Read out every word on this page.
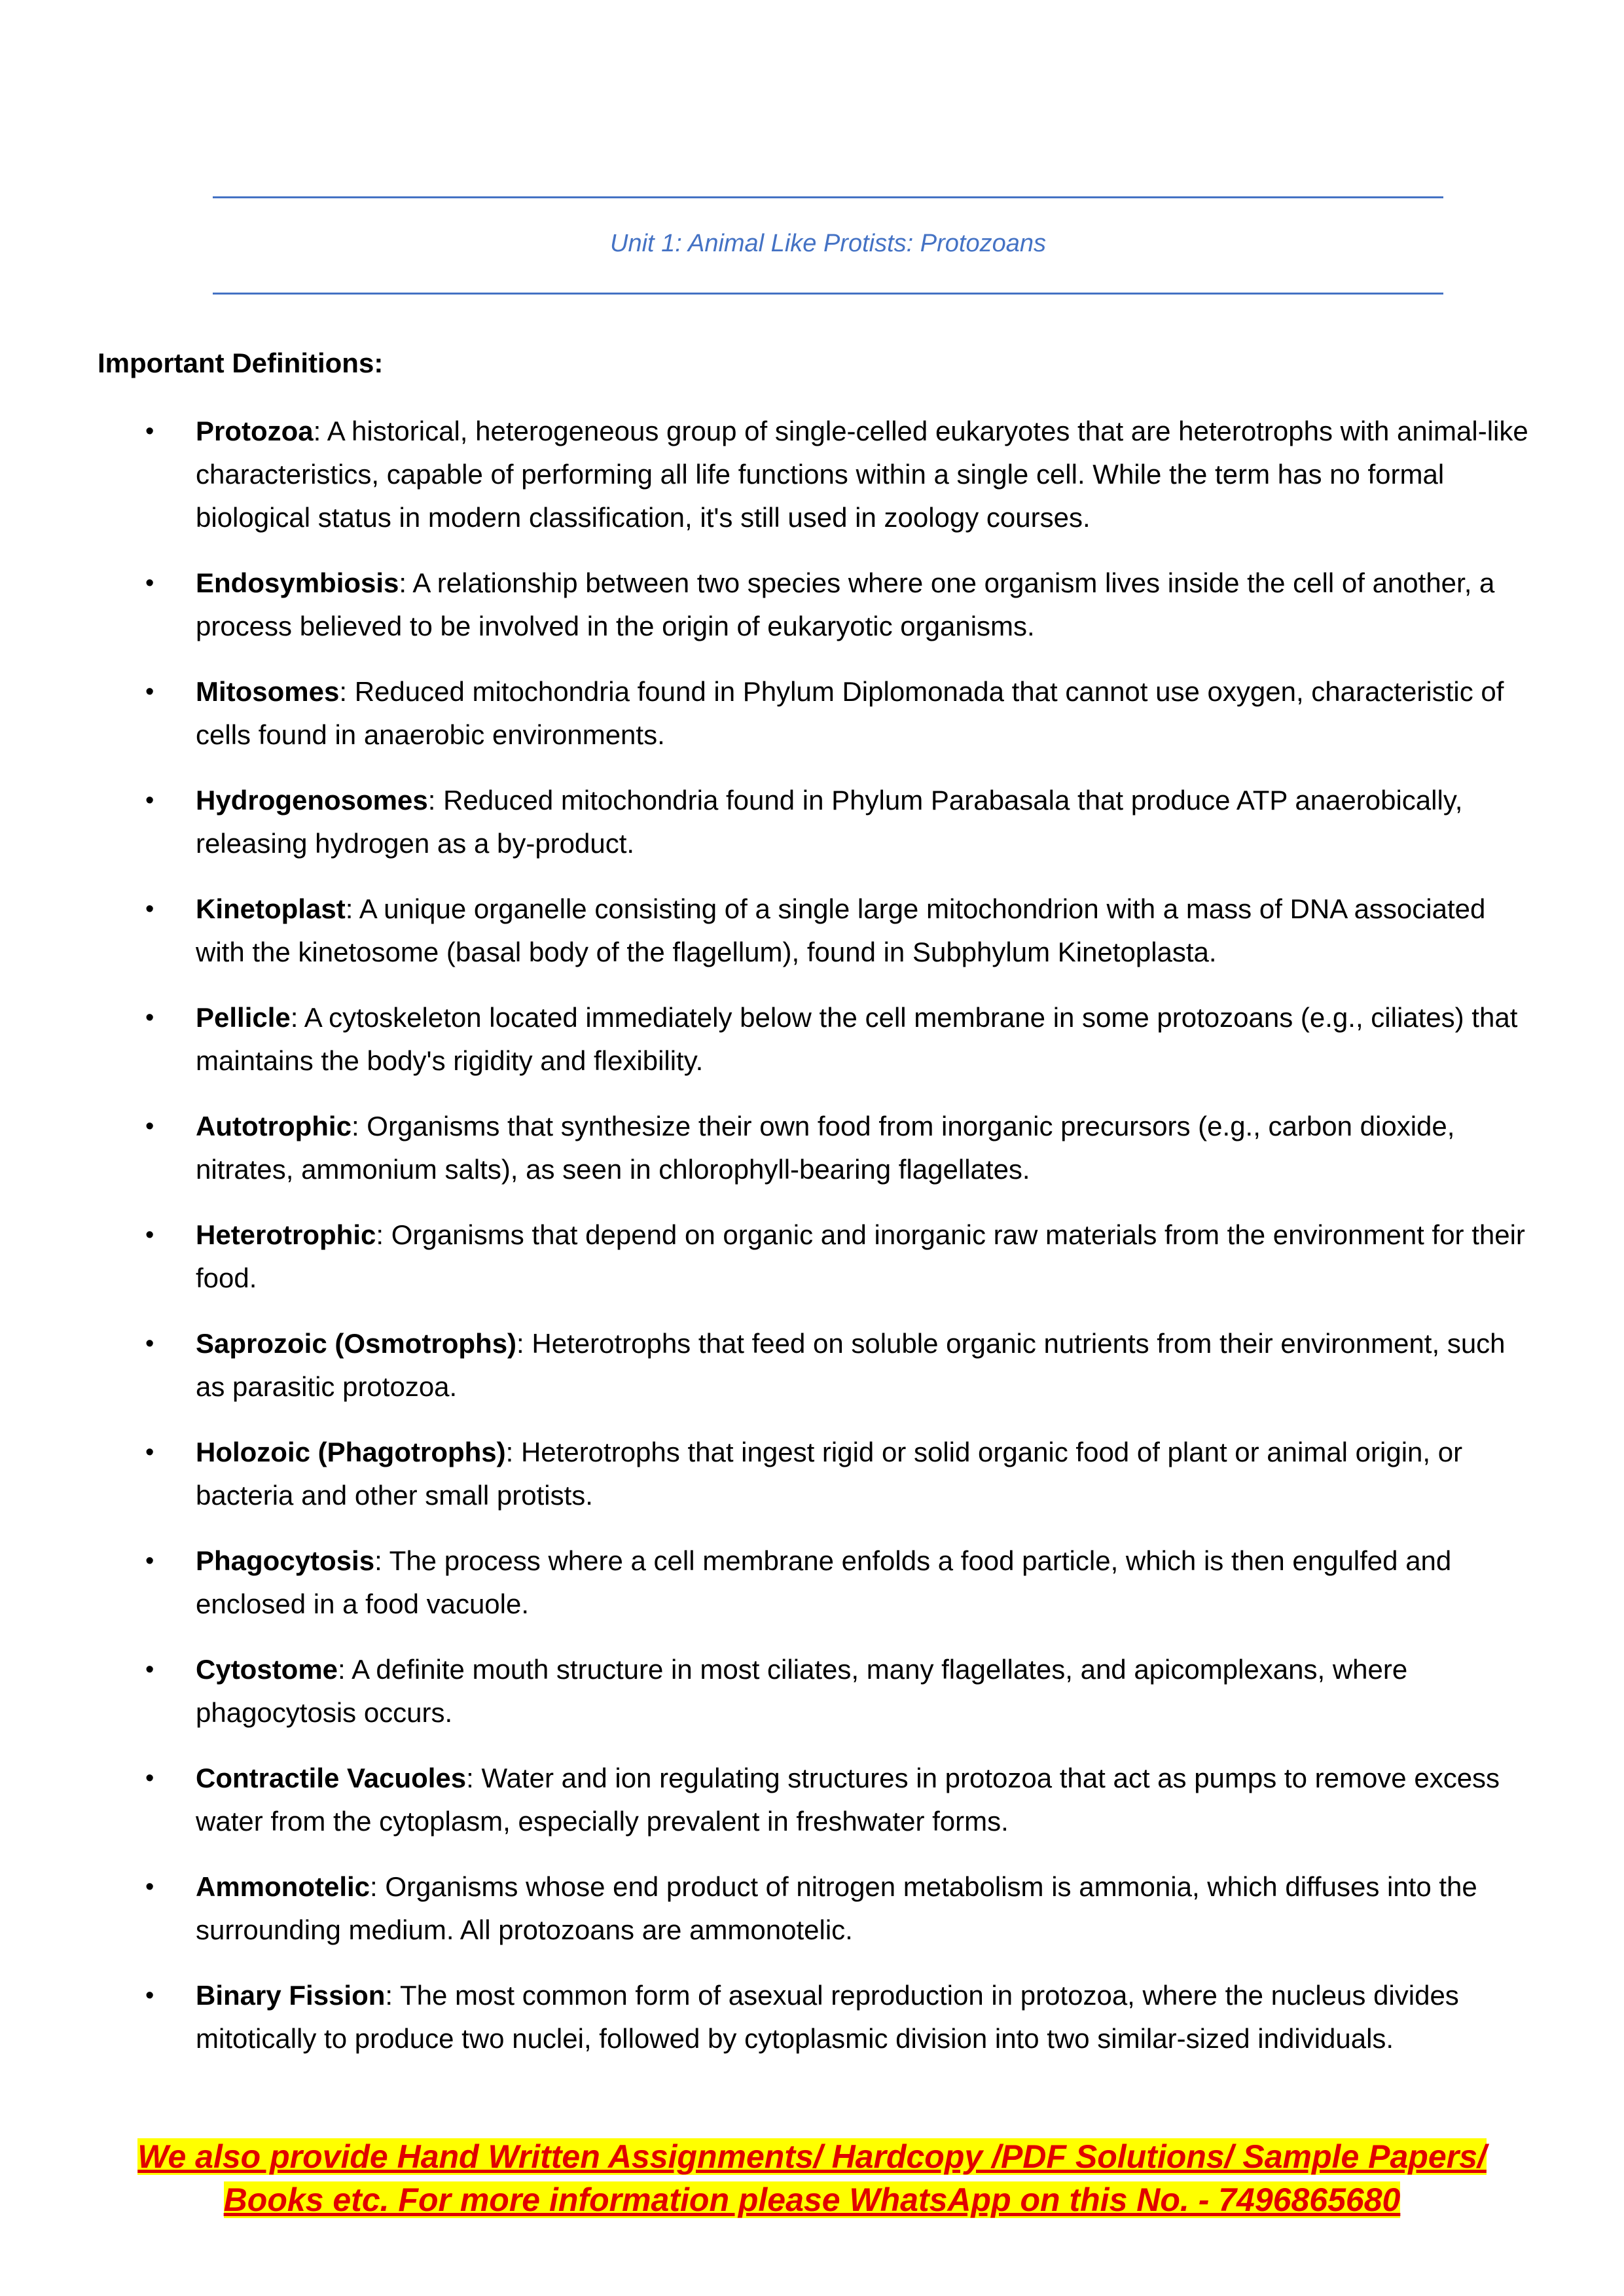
Unit 1: Animal Like Protists: Protozoans
Important Definitions:
• Protozoa: A historical, heterogeneous group of single-celled eukaryotes that are heterotrophs with animal-like characteristics, capable of performing all life functions within a single cell. While the term has no formal biological status in modern classification, it's still used in zoology courses.
• Endosymbiosis: A relationship between two species where one organism lives inside the cell of another, a process believed to be involved in the origin of eukaryotic organisms.
• Mitosomes: Reduced mitochondria found in Phylum Diplomonada that cannot use oxygen, characteristic of cells found in anaerobic environments.
• Hydrogenosomes: Reduced mitochondria found in Phylum Parabasala that produce ATP anaerobically, releasing hydrogen as a by-product.
• Kinetoplast: A unique organelle consisting of a single large mitochondrion with a mass of DNA associated with the kinetosome (basal body of the flagellum), found in Subphylum Kinetoplasta.
• Pellicle: A cytoskeleton located immediately below the cell membrane in some protozoans (e.g., ciliates) that maintains the body's rigidity and flexibility.
• Autotrophic: Organisms that synthesize their own food from inorganic precursors (e.g., carbon dioxide, nitrates, ammonium salts), as seen in chlorophyll-bearing flagellates.
• Heterotrophic: Organisms that depend on organic and inorganic raw materials from the environment for their food.
• Saprozoic (Osmotrophs): Heterotrophs that feed on soluble organic nutrients from their environment, such as parasitic protozoa.
• Holozoic (Phagotrophs): Heterotrophs that ingest rigid or solid organic food of plant or animal origin, or bacteria and other small protists.
• Phagocytosis: The process where a cell membrane enfolds a food particle, which is then engulfed and enclosed in a food vacuole.
• Cytostome: A definite mouth structure in most ciliates, many flagellates, and apicomplexans, where phagocytosis occurs.
• Contractile Vacuoles: Water and ion regulating structures in protozoa that act as pumps to remove excess water from the cytoplasm, especially prevalent in freshwater forms.
• Ammonotelic: Organisms whose end product of nitrogen metabolism is ammonia, which diffuses into the surrounding medium. All protozoans are ammonotelic.
• Binary Fission: The most common form of asexual reproduction in protozoa, where the nucleus divides mitotically to produce two nuclei, followed by cytoplasmic division into two similar-sized individuals.
We also provide Hand Written Assignments/ Hardcopy /PDF Solutions/ Sample Papers/
Books etc. For more information please WhatsApp on this No. - 7496865680
